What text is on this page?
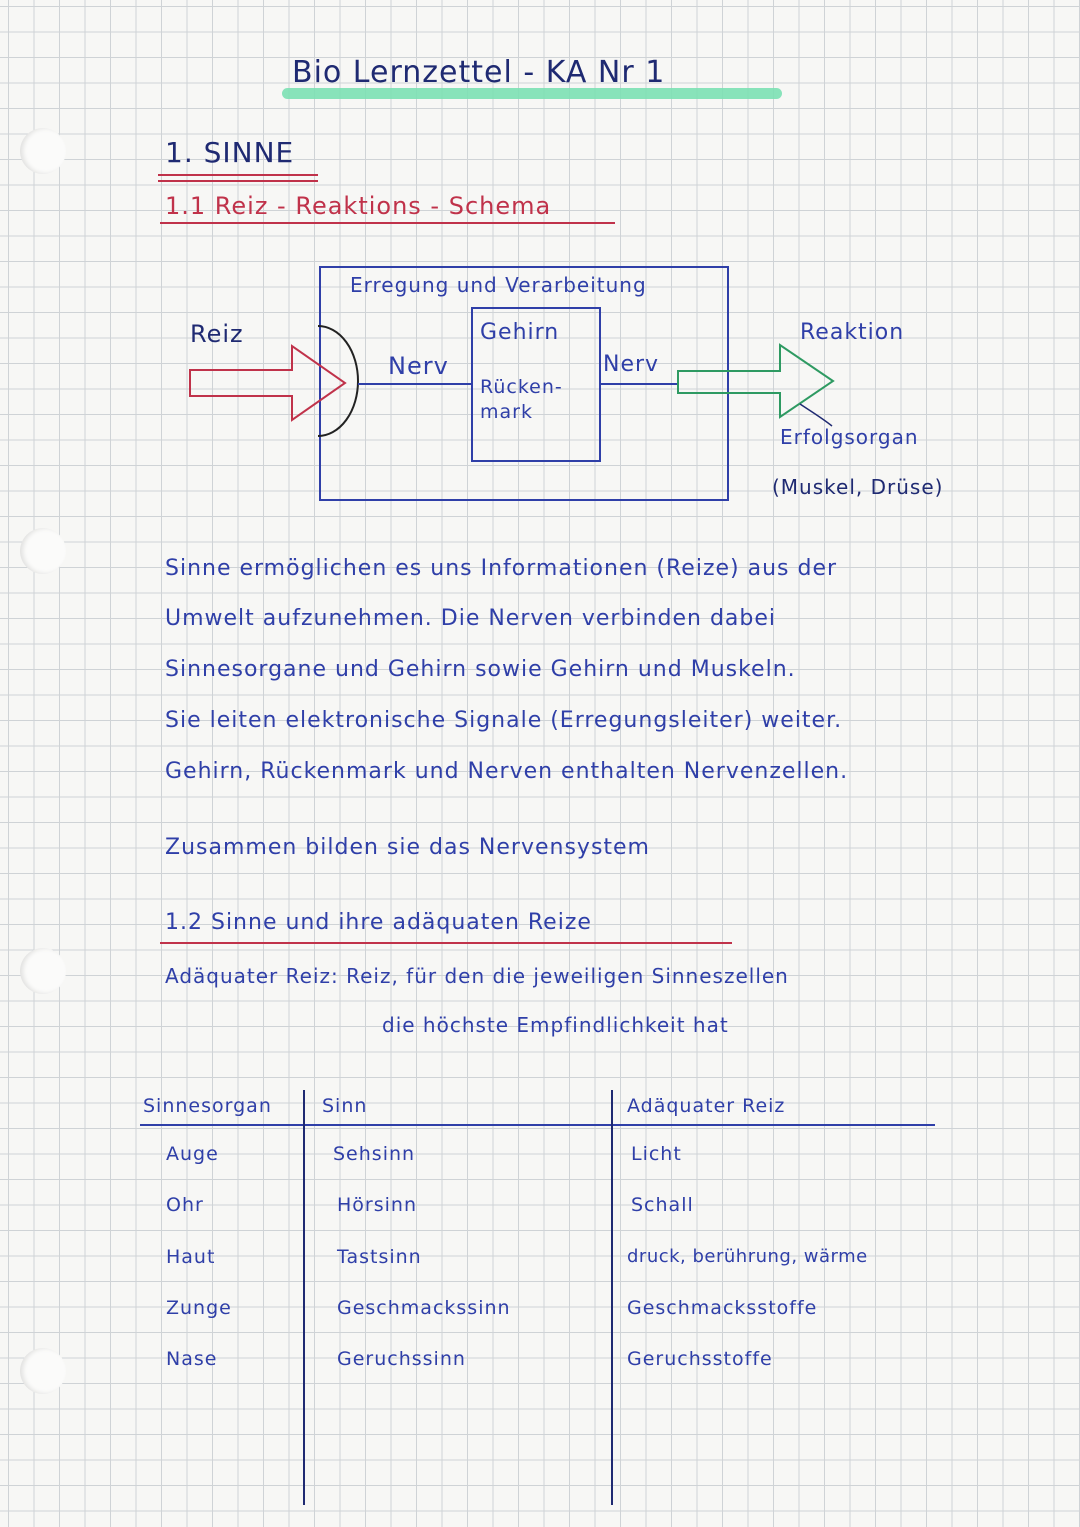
Bio Lernzettel - KA Nr 1
1. SINNE
1.1 Reiz - Reaktions - Schema
Erregung und Verarbeitung
Reiz
Nerv	Nerv
Gehirn
Rücken-
mark
Reaktion
Erfolgsorgan
(Muskel, Drüse)
Sinne ermöglichen es uns Informationen (Reize) aus der
Umwelt aufzunehmen. Die Nerven verbinden dabei
Sinnesorgane und Gehirn sowie Gehirn und Muskeln.
Sie leiten elektronische Signale (Erregungsleiter) weiter.
Gehirn, Rückenmark und Nerven enthalten Nervenzellen.
Zusammen bilden sie das Nervensystem
1.2 Sinne und ihre adäquaten Reize
Adäquater Reiz: Reiz, für den die jeweiligen Sinneszellen
die höchste Empfindlichkeit hat
Sinnesorgan	Sinn	Adäquater Reiz
Auge	Sehsinn	Licht
Ohr	Hörsinn	Schall
Haut	Tastsinn	druck, berührung, wärme
Zunge	Geschmackssinn	Geschmacksstoffe
Nase	Geruchssinn	Geruchsstoffe
